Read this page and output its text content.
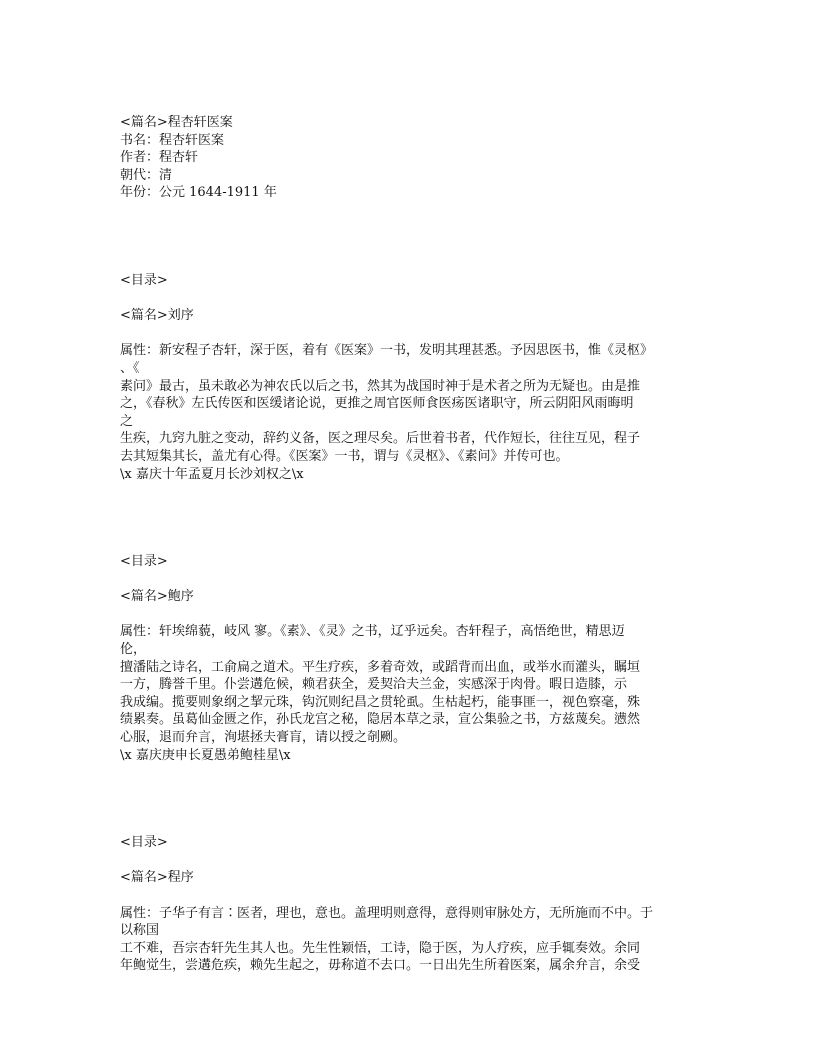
<篇名>程杏轩医案
书名：程杏轩医案
作者：程杏轩
朝代：清
年份：公元 1644-1911 年
<目录>
<篇名>刘序
属性：新安程子杏轩，深于医，着有《医案》一书，发明其理甚悉。予因思医书，惟《灵枢》
、《
素问》最古，虽未敢必为神农氏以后之书，然其为战国时神于是术者之所为无疑也。由是推
之，《春秋》左氏传医和医缓诸论说，更推之周官医师食医疡医诸职守，所云阴阳风雨晦明
之
生疾，九窍九脏之变动，辞约义备，医之理尽矣。后世着书者，代作短长，往往互见，程子
去其短集其长，盖尤有心得。《医案》一书，谓与《灵枢》、《素问》并传可也。
\x 嘉庆十年孟夏月长沙刘权之\x
<目录>
<篇名>鲍序
属性：轩埃绵藐，岐风 寥。《素》、《灵》之书，辽乎远矣。杏轩程子，高悟绝世，精思迈
伦，
擅潘陆之诗名，工俞扁之道术。平生疗疾，多着奇效，或蹈背而出血，或举水而灌头，瞩垣
一方，腾誉千里。仆尝遘危候，赖君获全，爰契洽夫兰金，实感深于肉骨。暇日造膝，示
我成编。揽要则象纲之挈元珠，钩沉则纪昌之贯轮虱。生枯起朽，能事匪一，视色察毫，殊
绩累奏。虽葛仙金匮之作，孙氏龙宫之秘，隐居本草之录，宣公集验之书，方兹蔑矣。懑然
心服，退而弁言，洵堪拯夫膏肓，请以授之剞劂。
\x 嘉庆庚申长夏愚弟鲍桂星\x
<目录>
<篇名>程序
属性：子华子有言∶医者，理也，意也。盖理明则意得，意得则审脉处方，无所施而不中。于
以称国
工不难，吾宗杏轩先生其人也。先生性颖悟，工诗，隐于医，为人疗疾，应手辄奏效。余同
年鲍觉生，尝遘危疾，赖先生起之，毋称道不去口。一日出先生所着医案，属余弁言，余受
